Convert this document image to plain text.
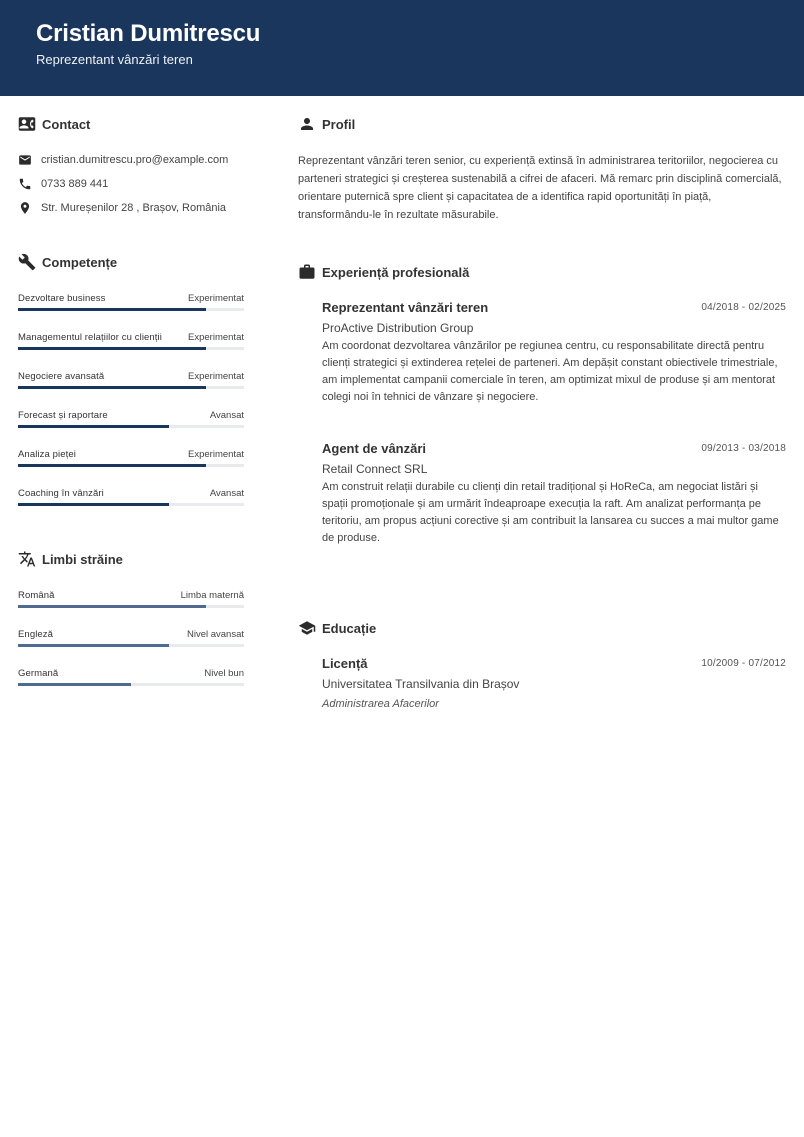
Cristian Dumitrescu
Reprezentant vânzări teren
Contact
cristian.dumitrescu.pro@example.com
0733 889 441
Str. Mureșenilor 28 , Brașov, România
Competențe
Dezvoltare business	Experimentat
Managementul relațiilor cu clienții	Experimentat
Negociere avansată	Experimentat
Forecast și raportare	Avansat
Analiza pieței	Experimentat
Coaching în vânzări	Avansat
Limbi străine
Română	Limba maternă
Engleză	Nivel avansat
Germană	Nivel bun
Profil
Reprezentant vânzări teren senior, cu experiență extinsă în administrarea teritoriilor, negocierea cu parteneri strategici și creșterea sustenabilă a cifrei de afaceri. Mă remarc prin disciplină comercială, orientare puternică spre client și capacitatea de a identifica rapid oportunități în piață, transformându-le în rezultate măsurabile.
Experiență profesională
Reprezentant vânzări teren	04/2018 - 02/2025
ProActive Distribution Group
Am coordonat dezvoltarea vânzărilor pe regiunea centru, cu responsabilitate directă pentru clienți strategici și extinderea rețelei de parteneri. Am depășit constant obiectivele trimestriale, am implementat campanii comerciale în teren, am optimizat mixul de produse și am mentorat colegi noi în tehnici de vânzare și negociere.
Agent de vânzări	09/2013 - 03/2018
Retail Connect SRL
Am construit relații durabile cu clienți din retail tradițional și HoReCa, am negociat listări și spații promoționale și am urmărit îndeaproape execuția la raft. Am analizat performanța pe teritoriu, am propus acțiuni corective și am contribuit la lansarea cu succes a mai multor game de produse.
Educație
Licență	10/2009 - 07/2012
Universitatea Transilvania din Brașov
Administrarea Afacerilor
